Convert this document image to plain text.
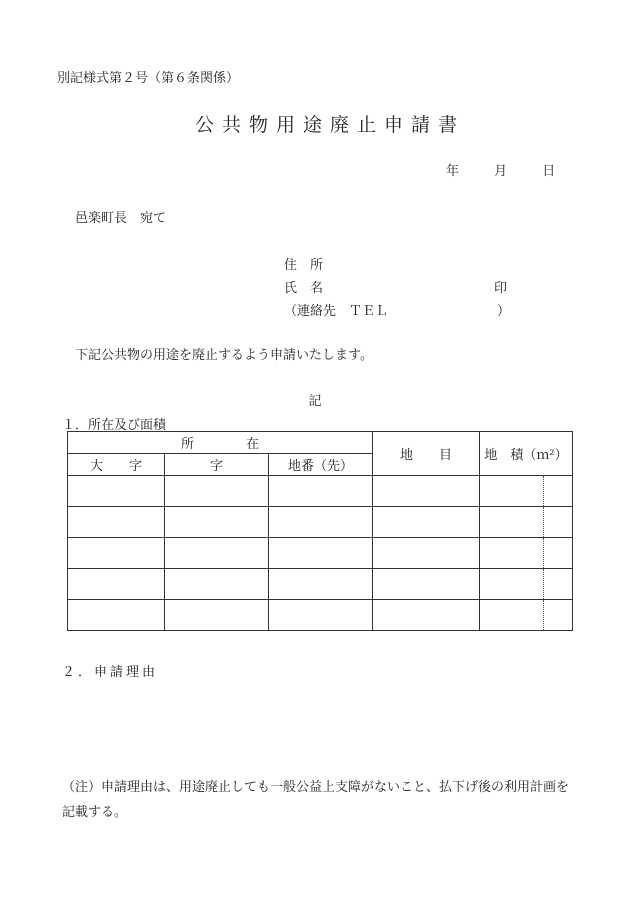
別記様式第２号（第６条関係）
公共物用途廃止申請書
年	月	日
邑楽町長　宛て
住　所
氏　名	印
（連絡先　ＴＥＬ	）
下記公共物の用途を廃止するよう申請いたします。
記
１．所在及び面積
所　　　　在			地　　目	地　積（ｍ²）	
大　　字	字	地番（先）			

２．申請理由
（注）申請理由は、用途廃止しても一般公益上支障がないこと、払下げ後の利用計画を
記載する。
